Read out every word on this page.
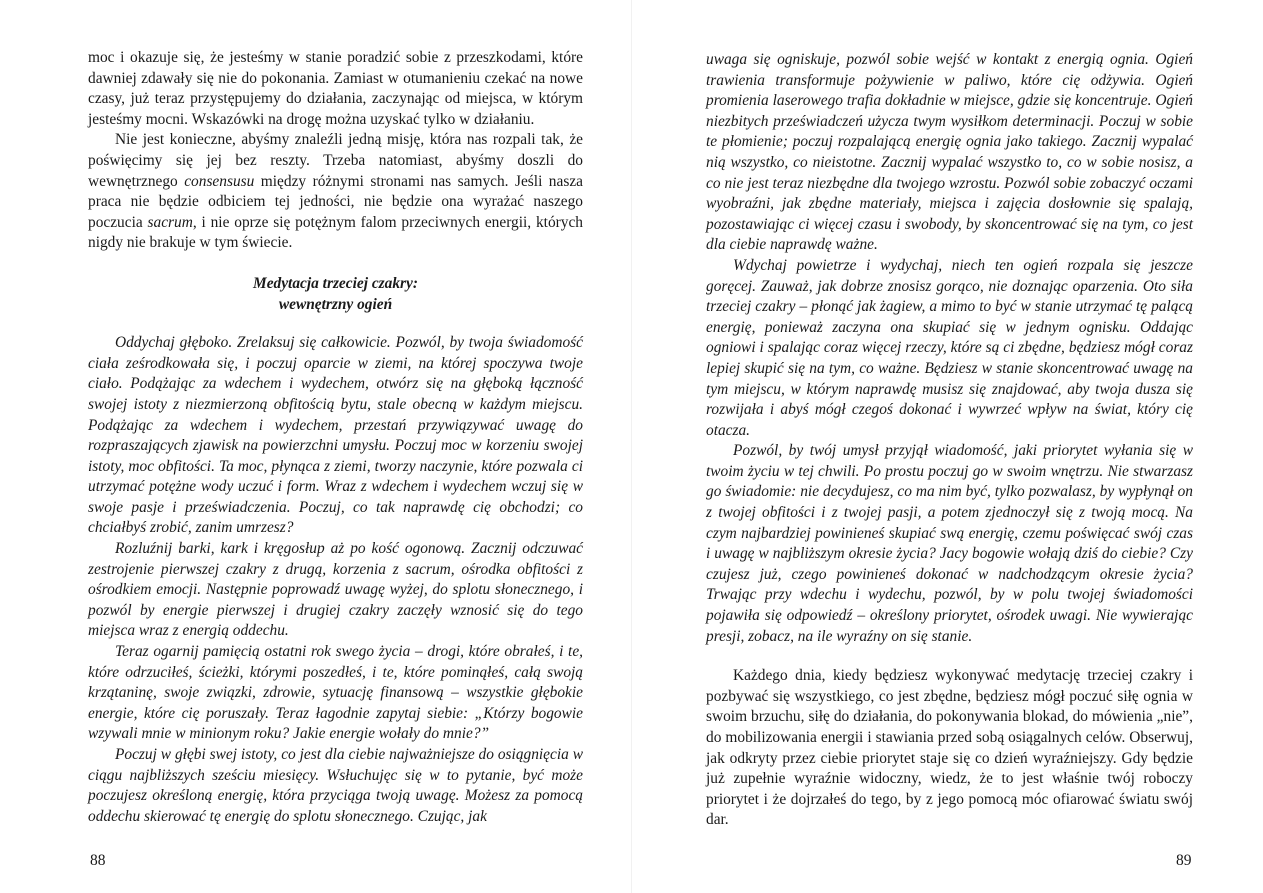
moc i okazuje się, że jesteśmy w stanie poradzić sobie z przeszkodami, które dawniej zdawały się nie do pokonania. Zamiast w otumanieniu czekać na nowe czasy, już teraz przystępujemy do działania, zaczynając od miejsca, w którym jesteśmy mocni. Wskazówki na drogę można uzyskać tylko w działaniu.

Nie jest konieczne, abyśmy znaleźli jedną misję, która nas rozpali tak, że poświęcimy się jej bez reszty. Trzeba natomiast, abyśmy doszli do wewnętrznego consensusu między różnymi stronami nas samych. Jeśli nasza praca nie będzie odbiciem tej jedności, nie będzie ona wyrażać naszego poczucia sacrum, i nie oprze się potężnym falom przeciwnych energii, których nigdy nie brakuje w tym świecie.

Medytacja trzeciej czakry:
wewnętrzny ogień

Oddychaj głęboko. Zrelaksuj się całkowicie. Pozwól, by twoja świadomość ciała ześrodkowała się, i poczuj oparcie w ziemi, na której spoczywa twoje ciało. Podążając za wdechem i wydechem, otwórz się na głęboką łączność swojej istoty z niezmierzoną obfitością bytu, stale obecną w każdym miejscu. Podążając za wdechem i wydechem, przestań przywiązywać uwagę do rozpraszających zjawisk na powierzchni umysłu. Poczuj moc w korzeniu swojej istoty, moc obfitości. Ta moc, płynąca z ziemi, tworzy naczynie, które pozwala ci utrzymać potężne wody uczuć i form. Wraz z wdechem i wydechem wczuj się w swoje pasje i przeświadczenia. Poczuj, co tak naprawdę cię obchodzi; co chciałbyś zrobić, zanim umrzesz?

Rozluźnij barki, kark i kręgosłup aż po kość ogonową. Zacznij odczuwać zestrojenie pierwszej czakry z drugą, korzenia z sacrum, ośrodka obfitości z ośrodkiem emocji. Następnie poprowadź uwagę wyżej, do splotu słonecznego, i pozwól by energie pierwszej i drugiej czakry zaczęły wznosić się do tego miejsca wraz z energią oddechu.

Teraz ogarnij pamięcią ostatni rok swego życia – drogi, które obrałeś, i te, które odrzuciłeś, ścieżki, którymi poszedłeś, i te, które pominąłeś, całą swoją krzątaninę, swoje związki, zdrowie, sytuację finansową – wszystkie głębokie energie, które cię poruszały. Teraz łagodnie zapytaj siebie: „Którzy bogowie wzywali mnie w minionym roku? Jakie energie wołały do mnie?”

Poczuj w głębi swej istoty, co jest dla ciebie najważniejsze do osiągnięcia w ciągu najbliższych sześciu miesięcy. Wsłuchujęc się w to pytanie, być może poczujesz określoną energię, która przyciąga twoją uwagę. Możesz za pomocą oddechu skierować tę energię do splotu słonecznego. Czując, jak

88	89

uwaga się ogniskuje, pozwól sobie wejść w kontakt z energią ognia. Ogień trawienia transformuje pożywienie w paliwo, które cię odżywia. Ogień promienia laserowego trafia dokładnie w miejsce, gdzie się koncentruje. Ogień niezbitych przeświadczeń użycza twym wysiłkom determinacji. Poczuj w sobie te płomienie; poczuj rozpalającą energię ognia jako takiego. Zacznij wypalać nią wszystko, co nieistotne. Zacznij wypalać wszystko to, co w sobie nosisz, a co nie jest teraz niezbędne dla twojego wzrostu. Pozwól sobie zobaczyć oczami wyobraźni, jak zbędne materiały, miejsca i zajęcia dosłownie się spalają, pozostawiając ci więcej czasu i swobody, by skoncentrować się na tym, co jest dla ciebie naprawdę ważne.

Wdychaj powietrze i wydychaj, niech ten ogień rozpala się jeszcze goręcej. Zauważ, jak dobrze znosisz gorąco, nie doznając oparzenia. Oto siła trzeciej czakry – płonąć jak żagiew, a mimo to być w stanie utrzymać tę palącą energię, ponieważ zaczyna ona skupiać się w jednym ognisku. Oddając ogniowi i spalając coraz więcej rzeczy, które są ci zbędne, będziesz mógł coraz lepiej skupić się na tym, co ważne. Będziesz w stanie skoncentrować uwagę na tym miejscu, w którym naprawdę musisz się znajdować, aby twoja dusza się rozwijała i abyś mógł czegoś dokonać i wywrzeć wpływ na świat, który cię otacza.

Pozwól, by twój umysł przyjął wiadomość, jaki priorytet wyłania się w twoim życiu w tej chwili. Po prostu poczuj go w swoim wnętrzu. Nie stwarzasz go świadomie: nie decydujesz, co ma nim być, tylko pozwalasz, by wypłynął on z twojej obfitości i z twojej pasji, a potem zjednoczył się z twoją mocą. Na czym najbardziej powinieneś skupiać swą energię, czemu poświęcać swój czas i uwagę w najbliższym okresie życia? Jacy bogowie wołają dziś do ciebie? Czy czujesz już, czego powinieneś dokonać w nadchodzącym okresie życia? Trwając przy wdechu i wydechu, pozwól, by w polu twojej świadomości pojawiła się odpowiedź – określony priorytet, ośrodek uwagi. Nie wywierając presji, zobacz, na ile wyraźny on się stanie.

Każdego dnia, kiedy będziesz wykonywać medytację trzeciej czakry i pozbywać się wszystkiego, co jest zbędne, będziesz mógł poczuć siłę ognia w swoim brzuchu, siłę do działania, do pokonywania blokad, do mówienia „nie”, do mobilizowania energii i stawiania przed sobą osiągalnych celów. Obserwuj, jak odkryty przez ciebie priorytet staje się co dzień wyraźniejszy. Gdy będzie już zupełnie wyraźnie widoczny, wiedz, że to jest właśnie twój roboczy priorytet i że dojrzałeś do tego, by z jego pomocą móc ofiarować światu swój dar.
